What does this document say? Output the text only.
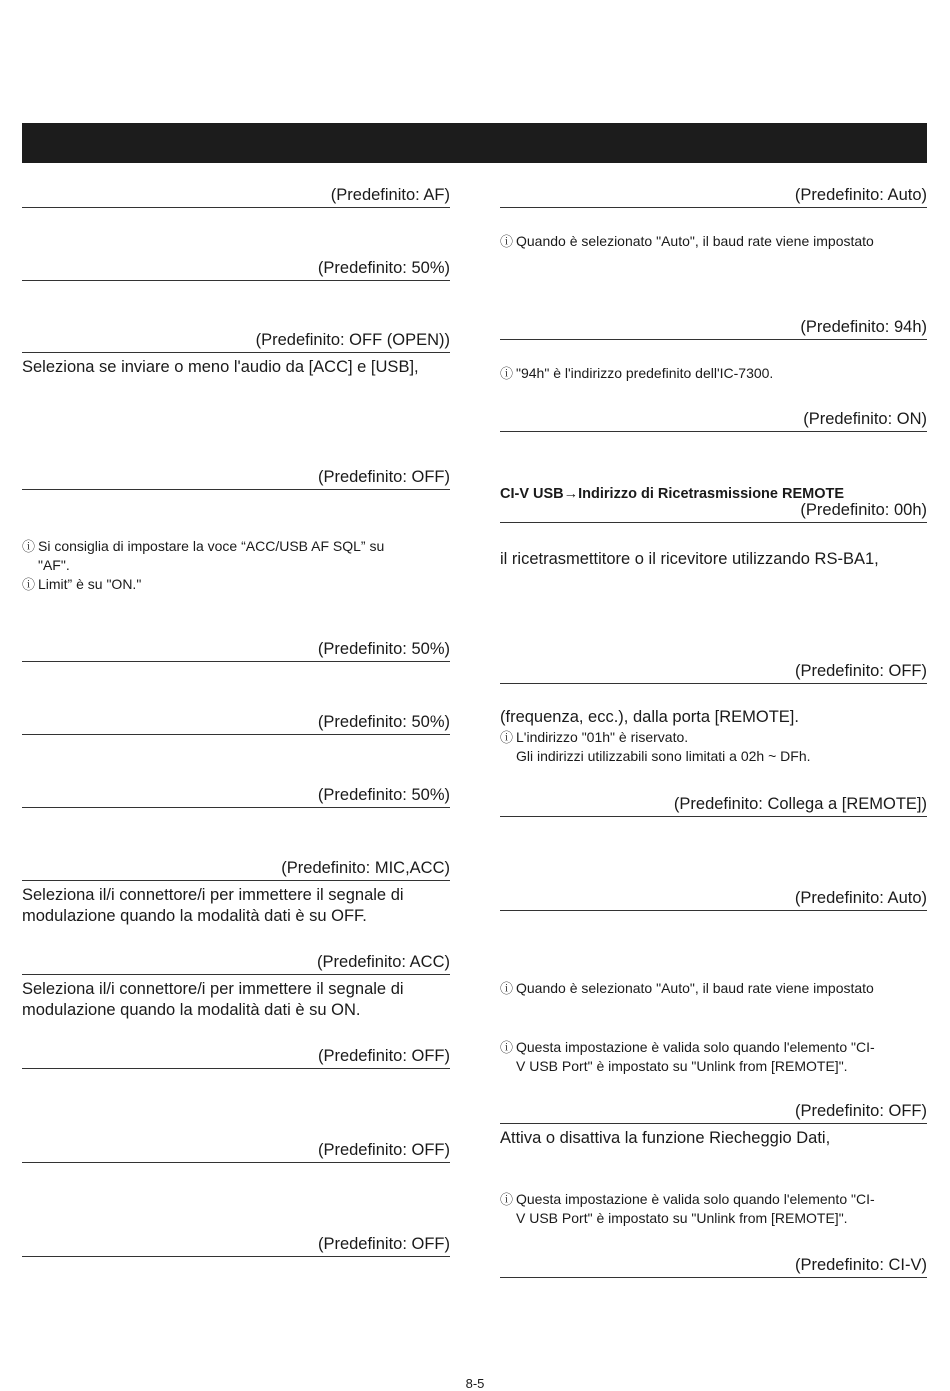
(Predefinito: AF)
(Predefinito: 50%)
(Predefinito: OFF (OPEN))
Seleziona se inviare o meno l'audio da [ACC] e [USB],
(Predefinito: OFF)
ⓘ Si consiglia di impostare la voce “ACC/USB AF SQL” su
"AF".
ⓘ Limit” è su "ON."
(Predefinito: 50%)
(Predefinito: 50%)
(Predefinito: 50%)
(Predefinito: MIC,ACC)
Seleziona il/i connettore/i per immettere il segnale di
modulazione quando la modalità dati è su OFF.
(Predefinito: ACC)
Seleziona il/i connettore/i per immettere il segnale di
modulazione quando la modalità dati è su ON.
(Predefinito: OFF)
(Predefinito: OFF)
(Predefinito: OFF)
(Predefinito: Auto)
ⓘ Quando è selezionato "Auto", il baud rate viene impostato
(Predefinito: 94h)
ⓘ "94h" è l'indirizzo predefinito dell'IC-7300.
(Predefinito: ON)
CI-V USB→Indirizzo di Ricetrasmissione REMOTE
(Predefinito: 00h)
il ricetrasmettitore o il ricevitore utilizzando RS-BA1,
(Predefinito: OFF)
(frequenza, ecc.), dalla porta [REMOTE].
ⓘ L'indirizzo "01h" è riservato.
Gli indirizzi utilizzabili sono limitati a 02h ~ DFh.
(Predefinito: Collega a [REMOTE])
(Predefinito: Auto)
ⓘ Quando è selezionato "Auto", il baud rate viene impostato
ⓘ Questa impostazione è valida solo quando l'elemento "CI-
V USB Port" è impostato su "Unlink from [REMOTE]".
(Predefinito: OFF)
Attiva o disattiva la funzione Riecheggio Dati,
ⓘ Questa impostazione è valida solo quando l'elemento "CI-
V USB Port" è impostato su "Unlink from [REMOTE]".
(Predefinito: CI-V)
8-5
